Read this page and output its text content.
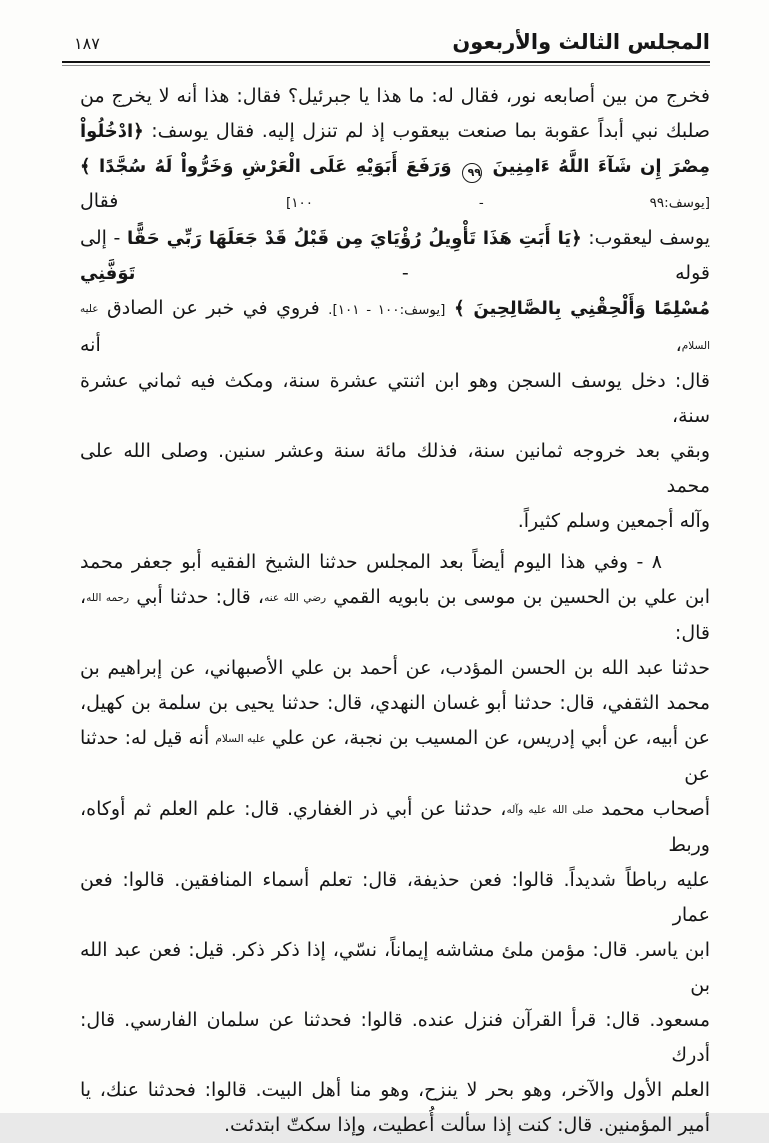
المجلس الثالث والأربعون
١٨٧
فخرج من بين أصابعه نور، فقال له: ما هذا يا جبرئيل؟ فقال: هذا أنه لا يخرج من
صلبك نبي أبداً عقوبة بما صنعت بيعقوب إذ لم تنزل إليه. فقال يوسف: ﴿ادْخُلُواْ
مِصْرَ إِن شَآءَ اللَّهُ ءَامِنِينَ ٩٩ وَرَفَعَ أَبَوَيْهِ عَلَى الْعَرْشِ وَخَرُّواْ لَهُ سُجَّدًا ﴾ [يوسف:٩٩ - ١٠٠] فقال
يوسف ليعقوب: ﴿يَا أَبَتِ هَذَا تَأْوِيلُ رُؤْيَايَ مِن قَبْلُ قَدْ جَعَلَهَا رَبِّي حَقًّا - إلى قوله - تَوَفَّنِي
مُسْلِمًا وَأَلْحِقْنِي بِالصَّالِحِينَ ﴾ [يوسف:١٠٠ - ١٠١]. فروي في خبر عن الصادق عليه السلام، أنه
قال: دخل يوسف السجن وهو ابن اثنتي عشرة سنة، ومكث فيه ثماني عشرة سنة،
وبقي بعد خروجه ثمانين سنة، فذلك مائة سنة وعشر سنين. وصلى الله على محمد
وآله أجمعين وسلم كثيراً.
٨ - وفي هذا اليوم أيضاً بعد المجلس حدثنا الشيخ الفقيه أبو جعفر محمد
ابن علي بن الحسين بن موسى بن بابويه القمي رضي الله عنه، قال: حدثنا أبي رحمه الله، قال:
حدثنا عبد الله بن الحسن المؤدب، عن أحمد بن علي الأصبهاني، عن إبراهيم بن
محمد الثقفي، قال: حدثنا أبو غسان النهدي، قال: حدثنا يحيى بن سلمة بن كهيل،
عن أبيه، عن أبي إدريس، عن المسيب بن نجبة، عن علي عليه السلام أنه قيل له: حدثنا عن
أصحاب محمد صلى الله عليه وآله، حدثنا عن أبي ذر الغفاري. قال: علم العلم ثم أوكاه، وربط
عليه رباطاً شديداً. قالوا: فعن حذيفة، قال: تعلم أسماء المنافقين. قالوا: فعن عمار
ابن ياسر. قال: مؤمن ملئ مشاشه إيماناً، نسّي، إذا ذكر ذكر. قيل: فعن عبد الله بن
مسعود. قال: قرأ القرآن فنزل عنده. قالوا: فحدثنا عن سلمان الفارسي. قال: أدرك
العلم الأول والآخر، وهو بحر لا ينزح، وهو منا أهل البيت. قالوا: فحدثنا عنك، يا
أمير المؤمنين. قال: كنت إذا سألت أُعطيت، وإذا سكتّ ابتدئت.
